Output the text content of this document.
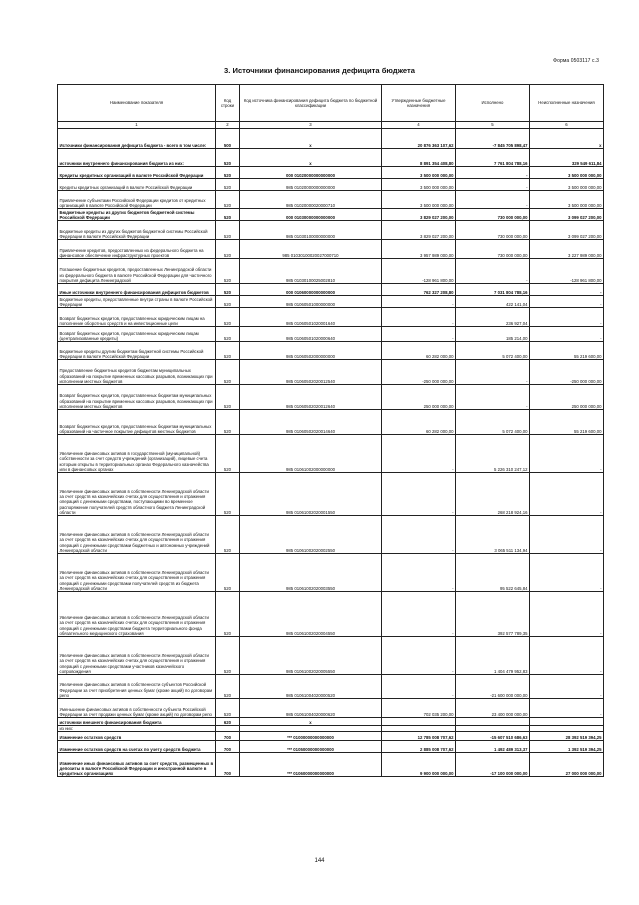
Форма 0503117 с.3
3. Источники финансирования дефицита бюджета
Наименование показателя	Код строки	Код источника финансирования дефицита бюджета по бюджетной классификации	Утвержденные бюджетные назначения	Исполнено	Неисполненные назначения
1	2	3	4	5	6
Источники финансирования дефицита бюджета - всего в том числе:	500	x	20 876 363 107,62	-7 845 705 898,47	x
источники внутреннего финансирования бюджета из них:	520	x	8 891 354 408,80	7 761 804 788,16	329 549 611,84
Кредиты кредитных организаций в валюте Российской Федерации	520	000 01020000000000000	3 500 000 000,00	-	3 500 000 000,00
Кредиты кредитных организаций в валюте Российской Федерации	520	985 01020000000000000	3 500 000 000,00	-	3 500 000 000,00
Привлечение субъектами Российской Федерации кредитов от кредитных организаций в валюте Российской Федерации	520	985 01020000020000710	3 500 000 000,00	-	3 500 000 000,00
Бюджетные кредиты из других бюджетов бюджетной системы Российской Федерации	520	000 01030000000000000	3 829 027 200,00	730 000 000,00	3 099 027 200,00
Бюджетные кредиты из других бюджетов бюджетной системы Российской Федерации в валюте Российской Федерации	520	985 01030100000000000	3 829 027 200,00	730 000 000,00	3 099 027 200,00
Привлечение кредитов, предоставленных из федерального бюджета на финансовое обеспечение инфраструктурных проектов	520	985 01030100020027000710	3 957 989 000,00	730 000 000,00	3 227 989 000,00
Погашение бюджетных кредитов, предоставленных Ленинградской области из федерального бюджета в валюте Российской Федерации для частичного покрытия дефицита Ленинградской	520	985 01030100025002810	-128 961 800,00	-	-128 961 800,00
Иные источники внутреннего финансирования дефицитов бюджетов	520	000 01060000000000000	762 327 208,80	7 031 804 788,16	-
Бюджетные кредиты, предоставленные внутри страны в валюте Российской Федерации	520	985 01060501000000000	-	422 141,04	-
Возврат бюджетных кредитов, предоставленных юридическим лицам на пополнение оборотных средств и на инвестиционные цели	520	985 01060501020001640	-	236 927,04	-
Возврат бюджетных кредитов, предоставленных юридическим лицам (централизованные кредиты)	520	985 01060501020000640	-	185 214,00	-
Бюджетные кредиты другим бюджетам бюджетной системы Российской Федерации в валюте Российской Федерации	520	985 01060502000000000	60 282 000,00	5 072 400,00	55 219 600,00
Предоставление бюджетных кредитов бюджетам муниципальных образований на покрытие временных кассовых разрывов, возникающих при исполнении местных бюджетов	520	985 01060502020012540	-250 000 000,00	-	-250 000 000,00
Возврат бюджетных кредитов, предоставленных бюджетам муниципальных образований на покрытие временных кассовых разрывов, возникающих при исполнении местных бюджетов	520	985 01060502020012640	250 000 000,00	-	250 000 000,00
Возврат бюджетных кредитов, предоставленных бюджетам муниципальных образований на частичное покрытие дефицитов местных бюджетов	520	985 01060502020014640	60 282 000,00	5 072 400,00	55 219 600,00
Увеличение финансовых активов в государственной (муниципальной) собственности за счет средств учреждений (организаций), лицевые счета которым открыты в территориальных органах Федерального казначейства или в финансовых органах	520	985 01061002000000000	-	5 226 310 247,12	-
Увеличение финансовых активов в собственности Ленинградской области за счет средств на казначейских счетах для осуществления и отражения операций с денежными средствами, поступающими во временное распоряжение получателей средств областного бюджета Ленинградской области	520	985 01061002020001550	-	268 218 924,16	-
Увеличение финансовых активов в собственности Ленинградской области за счет средств на казначейских счетах для осуществления и отражения операций с денежными средствами бюджетных и автономных учреждений Ленинградской области	520	985 01061002020002550	-	3 065 511 134,94	-
Увеличение финансовых активов в собственности Ленинградской области за счет средств на казначейских счетах для осуществления и отражения операций с денежными средствами получателей средств из бюджета Ленинградской области	520	985 01061002020003550	-	95 522 645,84	-
Увеличение финансовых активов в собственности Ленинградской области за счет средств на казначейских счетах для осуществления и отражения операций с денежными средствами бюджета территориального фонда обязательного медицинского страхования	520	985 01061002020004550	-	392 577 789,35	-
Увеличение финансовых активов в собственности Ленинградской области за счет средств на казначейских счетах для осуществления и отражения операций с денежными средствами участников казначейского сопровождения	520	985 01061002020005550	-	1 404 479 952,83	-
Увеличение финансовых активов в собственности субъектов Российской Федерации за счет приобретения ценных бумаг (кроме акций) по договорам репо	520	985 01061004020000520	-	-21 600 000 000,00	-
Уменьшение финансовых активов в собственности субъекта Российской Федерации за счет продажи ценных бумаг (кроме акций) по договорам репо	520	985 01061004020000620	702 035 200,00	23 400 000 000,00	-
источники внешнего финансирования бюджета	620	x			
из них:					
Изменение остатков средств	700	*** 01000000000000000	12 785 008 707,62	-15 607 510 686,63	28 392 519 394,25
Изменение остатков средств на счетах по учету средств бюджета	700	*** 01050000000000000	2 885 008 707,62	1 492 489 313,37	1 392 519 394,25
Изменение иных финансовых активов за счет средств, размещенных в депозиты в валюте Российской Федерации и иностранной валюте в кредитных организациях	700	*** 01060000000000000	9 900 000 000,00	-17 100 000 000,00	27 000 000 000,00
144
